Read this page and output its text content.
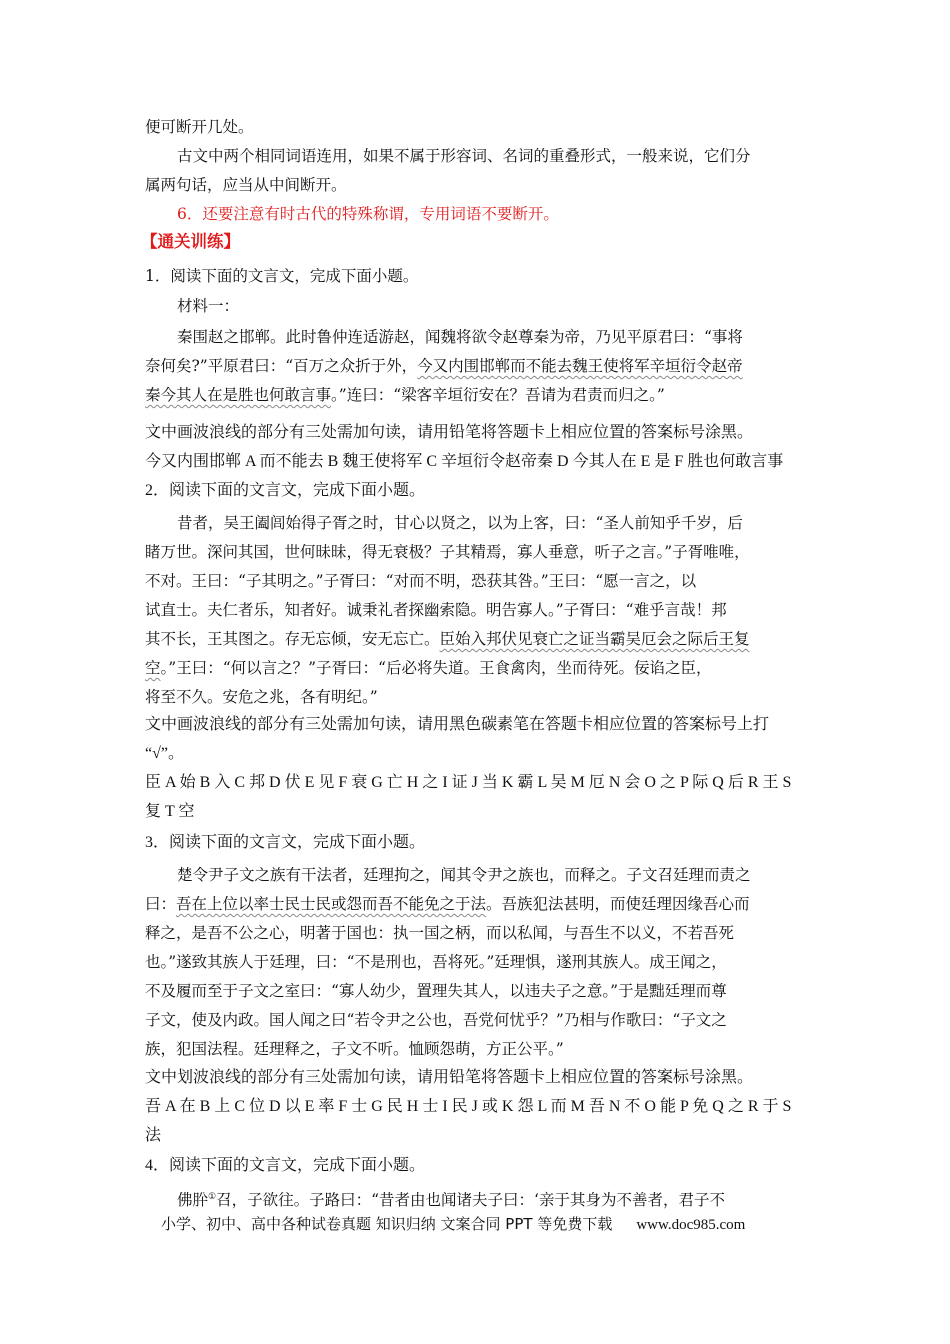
便可断开几处。
古文中两个相同词语连用，如果不属于形容词、名词的重叠形式，一般来说，它们分
属两句话，应当从中间断开。
6．还要注意有时古代的特殊称谓，专用词语不要断开。
【通关训练】
1．阅读下面的文言文，完成下面小题。
材料一：
秦围赵之邯郸。此时鲁仲连适游赵，闻魏将欲令赵尊秦为帝，乃见平原君曰：“事将
奈何矣?”平原君曰：“百万之众折于外，今又内围邯郸而不能去魏王使将军辛垣衍令赵帝
秦今其人在是胜也何敢言事。”连曰：“梁客辛垣衍安在？吾请为君责而归之。”
文中画波浪线的部分有三处需加句读，请用铅笔将答题卡上相应位置的答案标号涂黑。
今又内围邯郸 A 而不能去 B 魏王使将军 C 辛垣衍令赵帝秦 D 今其人在 E 是 F 胜也何敢言事
2．阅读下面的文言文，完成下面小题。
昔者，吴王阖闾始得子胥之时，甘心以贤之，以为上客，曰：“圣人前知乎千岁，后
睹万世。深问其国，世何昧昧，得无衰极？子其精焉，寡人垂意，听子之言。”子胥唯唯，
不对。王曰：“子其明之。”子胥曰：“对而不明，恐获其咎。”王曰：“愿一言之，以
试直士。夫仁者乐，知者好。诚秉礼者探幽索隐。明告寡人。”子胥曰：“难乎言哉！邦
其不长，王其图之。存无忘倾，安无忘亡。臣始入邦伏见衰亡之证当霸吴厄会之际后王复
空。”王曰：“何以言之？”子胥曰：“后必将失道。王食禽肉，坐而待死。佞谄之臣，
将至不久。安危之兆，各有明纪。”
文中画波浪线的部分有三处需加句读，请用黑色碳素笔在答题卡相应位置的答案标号上打
“√”。
臣 A 始 B 入 C 邦 D 伏 E 见 F 衰 G 亡 H 之 I 证 J 当 K 霸 L 吴 M 厄 N 会 O 之 P 际 Q 后 R 王 S
复 T 空
3．阅读下面的文言文，完成下面小题。
楚令尹子文之族有干法者，廷理拘之，闻其令尹之族也，而释之。子文召廷理而责之
曰：吾在上位以率士民士民或怨而吾不能免之于法。吾族犯法甚明，而使廷理因缘吾心而
释之，是吾不公之心，明著于国也：执一国之柄，而以私闻，与吾生不以义，不若吾死
也。”遂致其族人于廷理，曰：“不是刑也，吾将死。”廷理惧，遂刑其族人。成王闻之，
不及履而至于子文之室曰：“寡人幼少，置理失其人，以违夫子之意。”于是黜廷理而尊
子文，使及内政。国人闻之曰“若令尹之公也，吾党何忧乎？”乃相与作歌曰：“子文之
族，犯国法程。廷理释之，子文不听。恤顾怨萌，方正公平。”
文中划波浪线的部分有三处需加句读，请用铅笔将答题卡上相应位置的答案标号涂黑。
吾 A 在 B 上 C 位 D 以 E 率 F 士 G 民 H 士 I 民 J 或 K 怨 L 而 M 吾 N 不 O 能 P 免 Q 之 R 于 S
法
4．阅读下面的文言文，完成下面小题。
佛肸①召，子欲往。子路曰：“昔者由也闻诸夫子曰：‘亲于其身为不善者，君子不
小学、初中、高中各种试卷真题 知识归纳 文案合同 PPT 等免费下载 www.doc985.com
